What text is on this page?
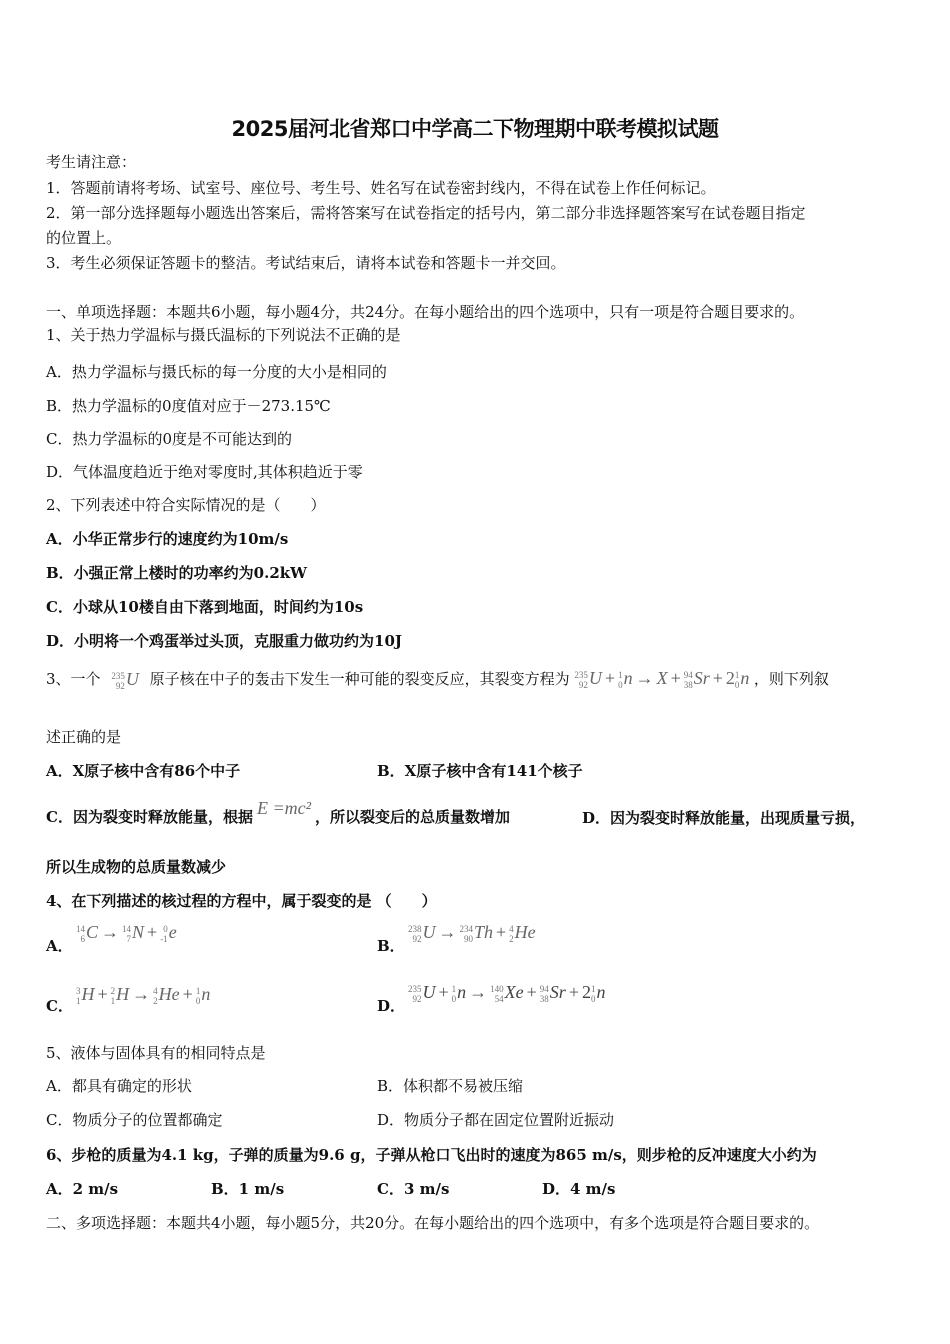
2025届河北省郑口中学高二下物理期中联考模拟试题
考生请注意：
1．答题前请将考场、试室号、座位号、考生号、姓名写在试卷密封线内，不得在试卷上作任何标记。
2．第一部分选择题每小题选出答案后，需将答案写在试卷指定的括号内，第二部分非选择题答案写在试卷题目指定
的位置上。
3．考生必须保证答题卡的整洁。考试结束后，请将本试卷和答题卡一并交回。
一、单项选择题：本题共6小题，每小题4分，共24分。在每小题给出的四个选项中，只有一项是符合题目要求的。
1、关于热力学温标与摄氏温标的下列说法不正确的是
A．热力学温标与摄氏标的每一分度的大小是相同的
B．热力学温标的0度值对应于－273.15℃
C．热力学温标的0度是不可能达到的
D．气体温度趋近于绝对零度时,其体积趋近于零
2、下列表述中符合实际情况的是（　　）
A．小华正常步行的速度约为10m/s
B．小强正常上楼时的功率约为0.2kW
C．小球从10楼自由下落到地面，时间约为10s
D．小明将一个鸡蛋举过头顶，克服重力做功约为10J
3、一个 235
92 U 原子核在中子的轰击下发生一种可能的裂变反应，其裂变方程为 235
92 U + 1
0 n → X + 94
38 Sr + 2 1
0 n ，则下列叙
述正确的是
A．X原子核中含有86个中子	B．X原子核中含有141个核子
C．因为裂变时释放能量，根据 E =mc² ，所以裂变后的总质量数增加	D．因为裂变时释放能量，出现质量亏损，
所以生成物的总质量数减少
4、在下列描述的核过程的方程中，属于裂变的是 （　　）
A．
14
6 C → 14
7 N + 0
-1 e
B．
238
92 U → 234
90 Th + 4
2 He
C．
3
1 H + 2
1 H → 4
2 He + 1
0 n
D．
235
92 U + 1
0 n → 140
54 Xe + 94
38 Sr + 2 1
0 n
5、液体与固体具有的相同特点是
A．都具有确定的形状	B．体积都不易被压缩
C．物质分子的位置都确定	D．物质分子都在固定位置附近振动
6、步枪的质量为4.1 kg，子弹的质量为9.6 g，子弹从枪口飞出时的速度为865 m/s，则步枪的反冲速度大小约为
A．2 m/s	B．1 m/s	C．3 m/s	D．4 m/s
二、多项选择题：本题共4小题，每小题5分，共20分。在每小题给出的四个选项中，有多个选项是符合题目要求的。
